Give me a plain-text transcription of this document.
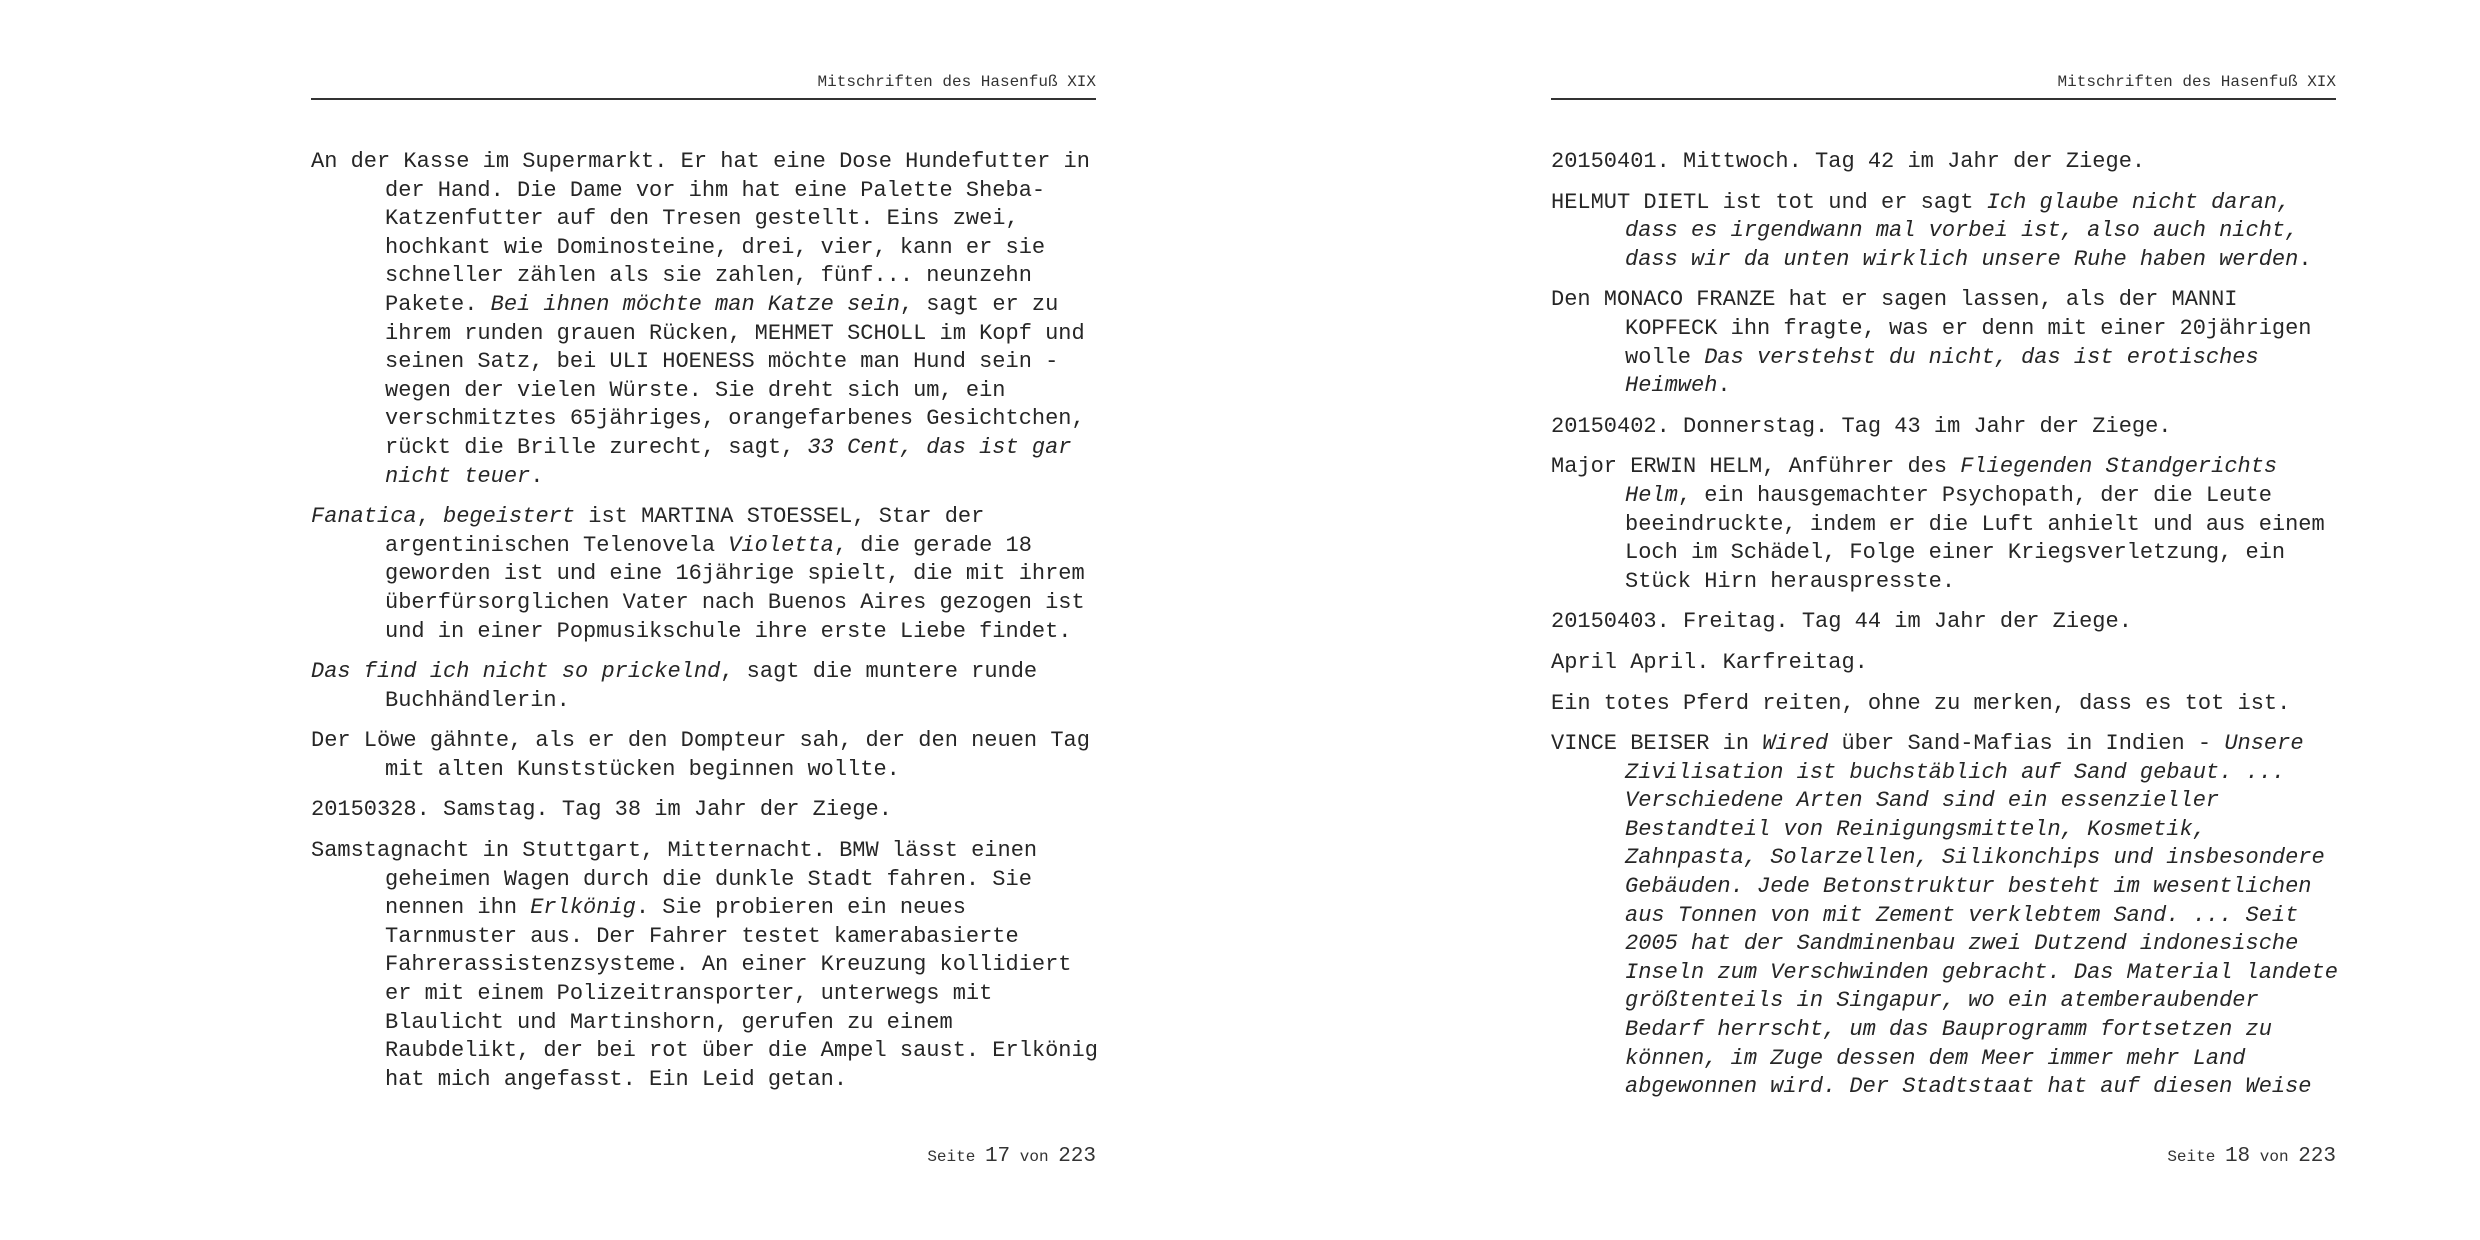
Mitschriften des Hasenfuß XIX

An der Kasse im Supermarkt. Er hat eine Dose Hundefutter in
der Hand. Die Dame vor ihm hat eine Palette Sheba-
Katzenfutter auf den Tresen gestellt. Eins zwei,
hochkant wie Dominosteine, drei, vier, kann er sie
schneller zählen als sie zahlen, fünf... neunzehn
Pakete. Bei ihnen möchte man Katze sein, sagt er zu
ihrem runden grauen Rücken, MEHMET SCHOLL im Kopf und
seinen Satz, bei ULI HOENESS möchte man Hund sein -
wegen der vielen Würste. Sie dreht sich um, ein
verschmitztes 65jähriges, orangefarbenes Gesichtchen,
rückt die Brille zurecht, sagt, 33 Cent, das ist gar
nicht teuer.

Fanatica, begeistert ist MARTINA STOESSEL, Star der
argentinischen Telenovela Violetta, die gerade 18
geworden ist und eine 16jährige spielt, die mit ihrem
überfürsorglichen Vater nach Buenos Aires gezogen ist
und in einer Popmusikschule ihre erste Liebe findet.

Das find ich nicht so prickelnd, sagt die muntere runde
Buchhändlerin.

Der Löwe gähnte, als er den Dompteur sah, der den neuen Tag
mit alten Kunststücken beginnen wollte.

20150328. Samstag. Tag 38 im Jahr der Ziege.

Samstagnacht in Stuttgart, Mitternacht. BMW lässt einen
geheimen Wagen durch die dunkle Stadt fahren. Sie
nennen ihn Erlkönig. Sie probieren ein neues
Tarnmuster aus. Der Fahrer testet kamerabasierte
Fahrerassistenzsysteme. An einer Kreuzung kollidiert
er mit einem Polizeitransporter, unterwegs mit
Blaulicht und Martinshorn, gerufen zu einem
Raubdelikt, der bei rot über die Ampel saust. Erlkönig
hat mich angefasst. Ein Leid getan.

Seite 17 von 223
Mitschriften des Hasenfuß XIX

20150401. Mittwoch. Tag 42 im Jahr der Ziege.

HELMUT DIETL ist tot und er sagt Ich glaube nicht daran,
dass es irgendwann mal vorbei ist, also auch nicht,
dass wir da unten wirklich unsere Ruhe haben werden.

Den MONACO FRANZE hat er sagen lassen, als der MANNI
KOPFECK ihn fragte, was er denn mit einer 20jährigen
wolle Das verstehst du nicht, das ist erotisches
Heimweh.

20150402. Donnerstag. Tag 43 im Jahr der Ziege.

Major ERWIN HELM, Anführer des Fliegenden Standgerichts
Helm, ein hausgemachter Psychopath, der die Leute
beeindruckte, indem er die Luft anhielt und aus einem
Loch im Schädel, Folge einer Kriegsverletzung, ein
Stück Hirn herauspresste.

20150403. Freitag. Tag 44 im Jahr der Ziege.

April April. Karfreitag.

Ein totes Pferd reiten, ohne zu merken, dass es tot ist.

VINCE BEISER in Wired über Sand-Mafias in Indien - Unsere
Zivilisation ist buchstäblich auf Sand gebaut. ...
Verschiedene Arten Sand sind ein essenzieller
Bestandteil von Reinigungsmitteln, Kosmetik,
Zahnpasta, Solarzellen, Silikonchips und insbesondere
Gebäuden. Jede Betonstruktur besteht im wesentlichen
aus Tonnen von mit Zement verklebtem Sand. ... Seit
2005 hat der Sandminenbau zwei Dutzend indonesische
Inseln zum Verschwinden gebracht. Das Material landete
größtenteils in Singapur, wo ein atemberaubender
Bedarf herrscht, um das Bauprogramm fortsetzen zu
können, im Zuge dessen dem Meer immer mehr Land
abgewonnen wird. Der Stadtstaat hat auf diesen Weise

Seite 18 von 223
